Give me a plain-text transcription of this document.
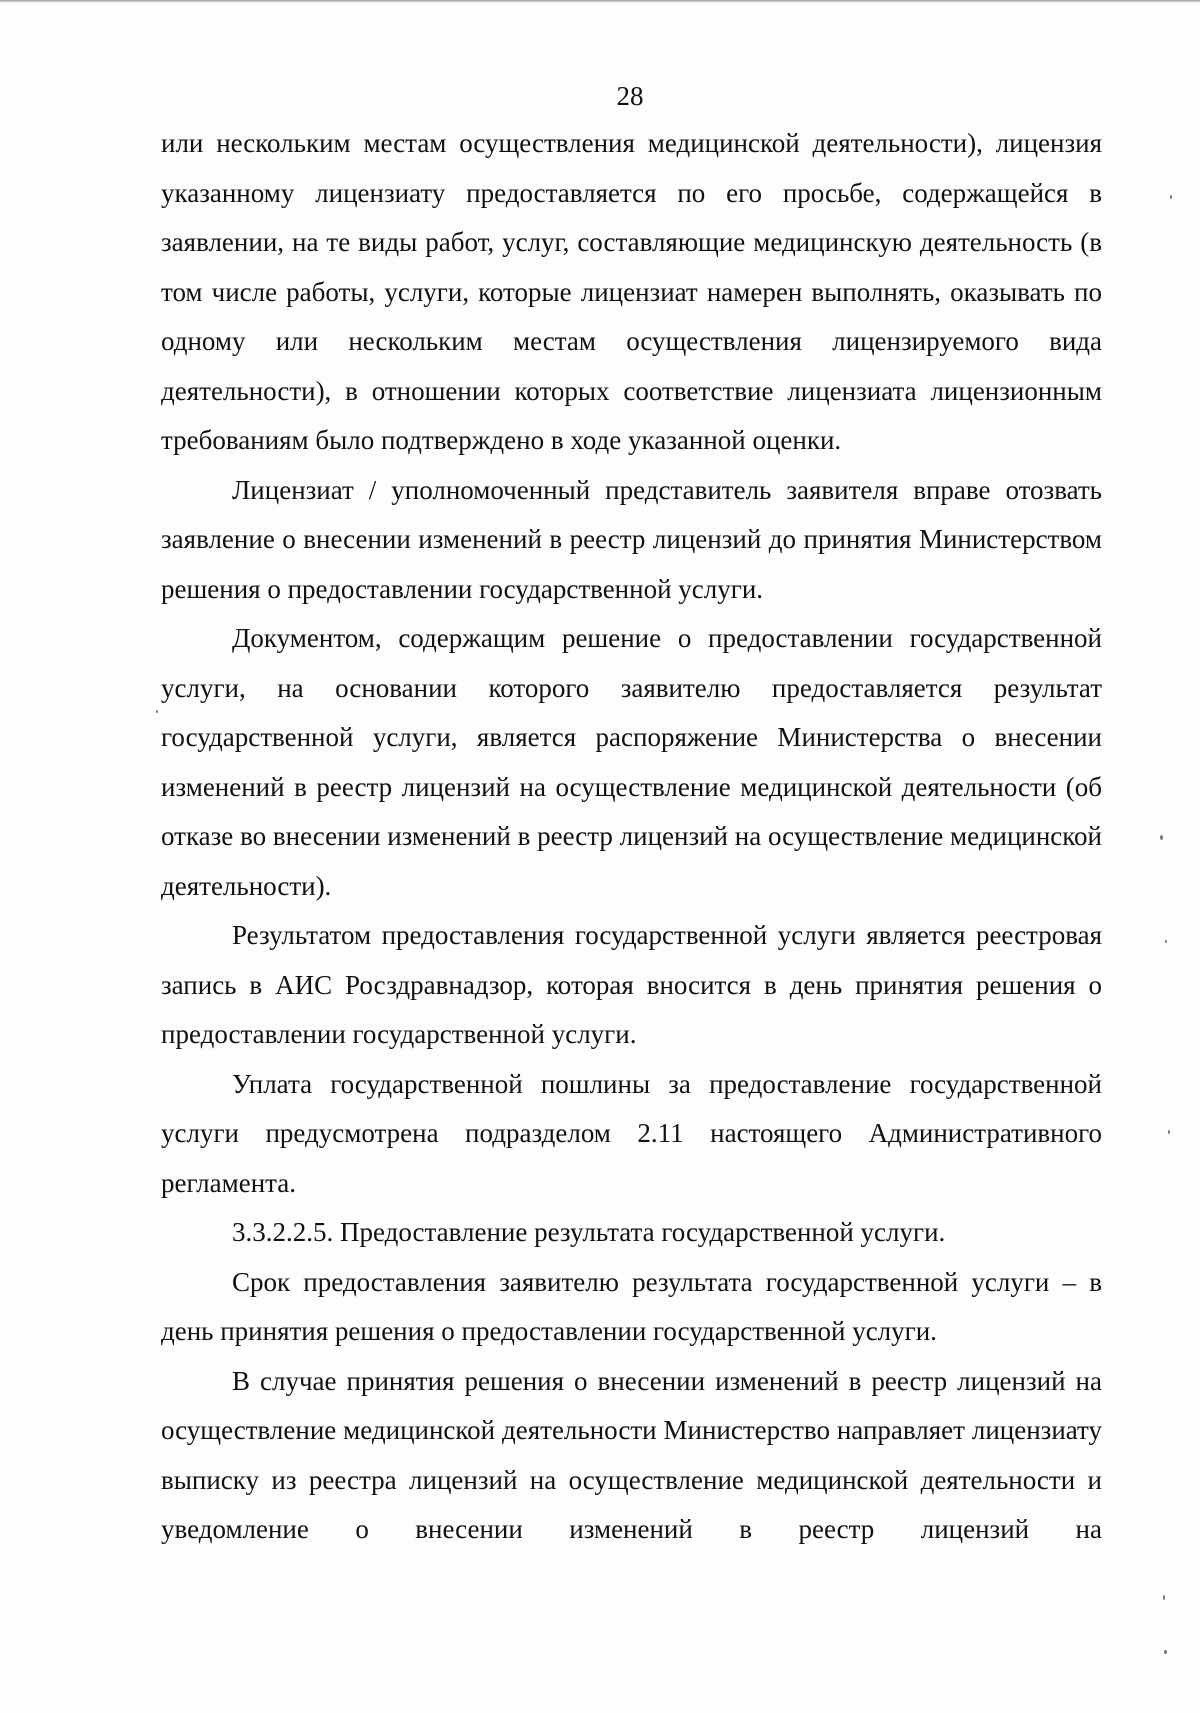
28

или нескольким местам осуществления медицинской деятельности), лицензия указанному лицензиату предоставляется по его просьбе, содержащейся в заявлении, на те виды работ, услуг, составляющие медицинскую деятельность (в том числе работы, услуги, которые лицензиат намерен выполнять, оказывать по одному или нескольким местам осуществления лицензируемого вида деятельности), в отношении которых соответствие лицензиата лицензионным требованиям было подтверждено в ходе указанной оценки.

Лицензиат / уполномоченный представитель заявителя вправе отозвать заявление о внесении изменений в реестр лицензий до принятия Министерством решения о предоставлении государственной услуги.

Документом, содержащим решение о предоставлении государственной услуги, на основании которого заявителю предоставляется результат государственной услуги, является распоряжение Министерства о внесении изменений в реестр лицензий на осуществление медицинской деятельности (об отказе во внесении изменений в реестр лицензий на осуществление медицинской деятельности).

Результатом предоставления государственной услуги является реестровая запись в АИС Росздравнадзор, которая вносится в день принятия решения о предоставлении государственной услуги.

Уплата государственной пошлины за предоставление государственной услуги предусмотрена подразделом 2.11 настоящего Административного регламента.

3.3.2.2.5. Предоставление результата государственной услуги.

Срок предоставления заявителю результата государственной услуги – в день принятия решения о предоставлении государственной услуги.

В случае принятия решения о внесении изменений в реестр лицензий на осуществление медицинской деятельности Министерство направляет лицензиату выписку из реестра лицензий на осуществление медицинской деятельности и уведомление о внесении изменений в реестр лицензий на
